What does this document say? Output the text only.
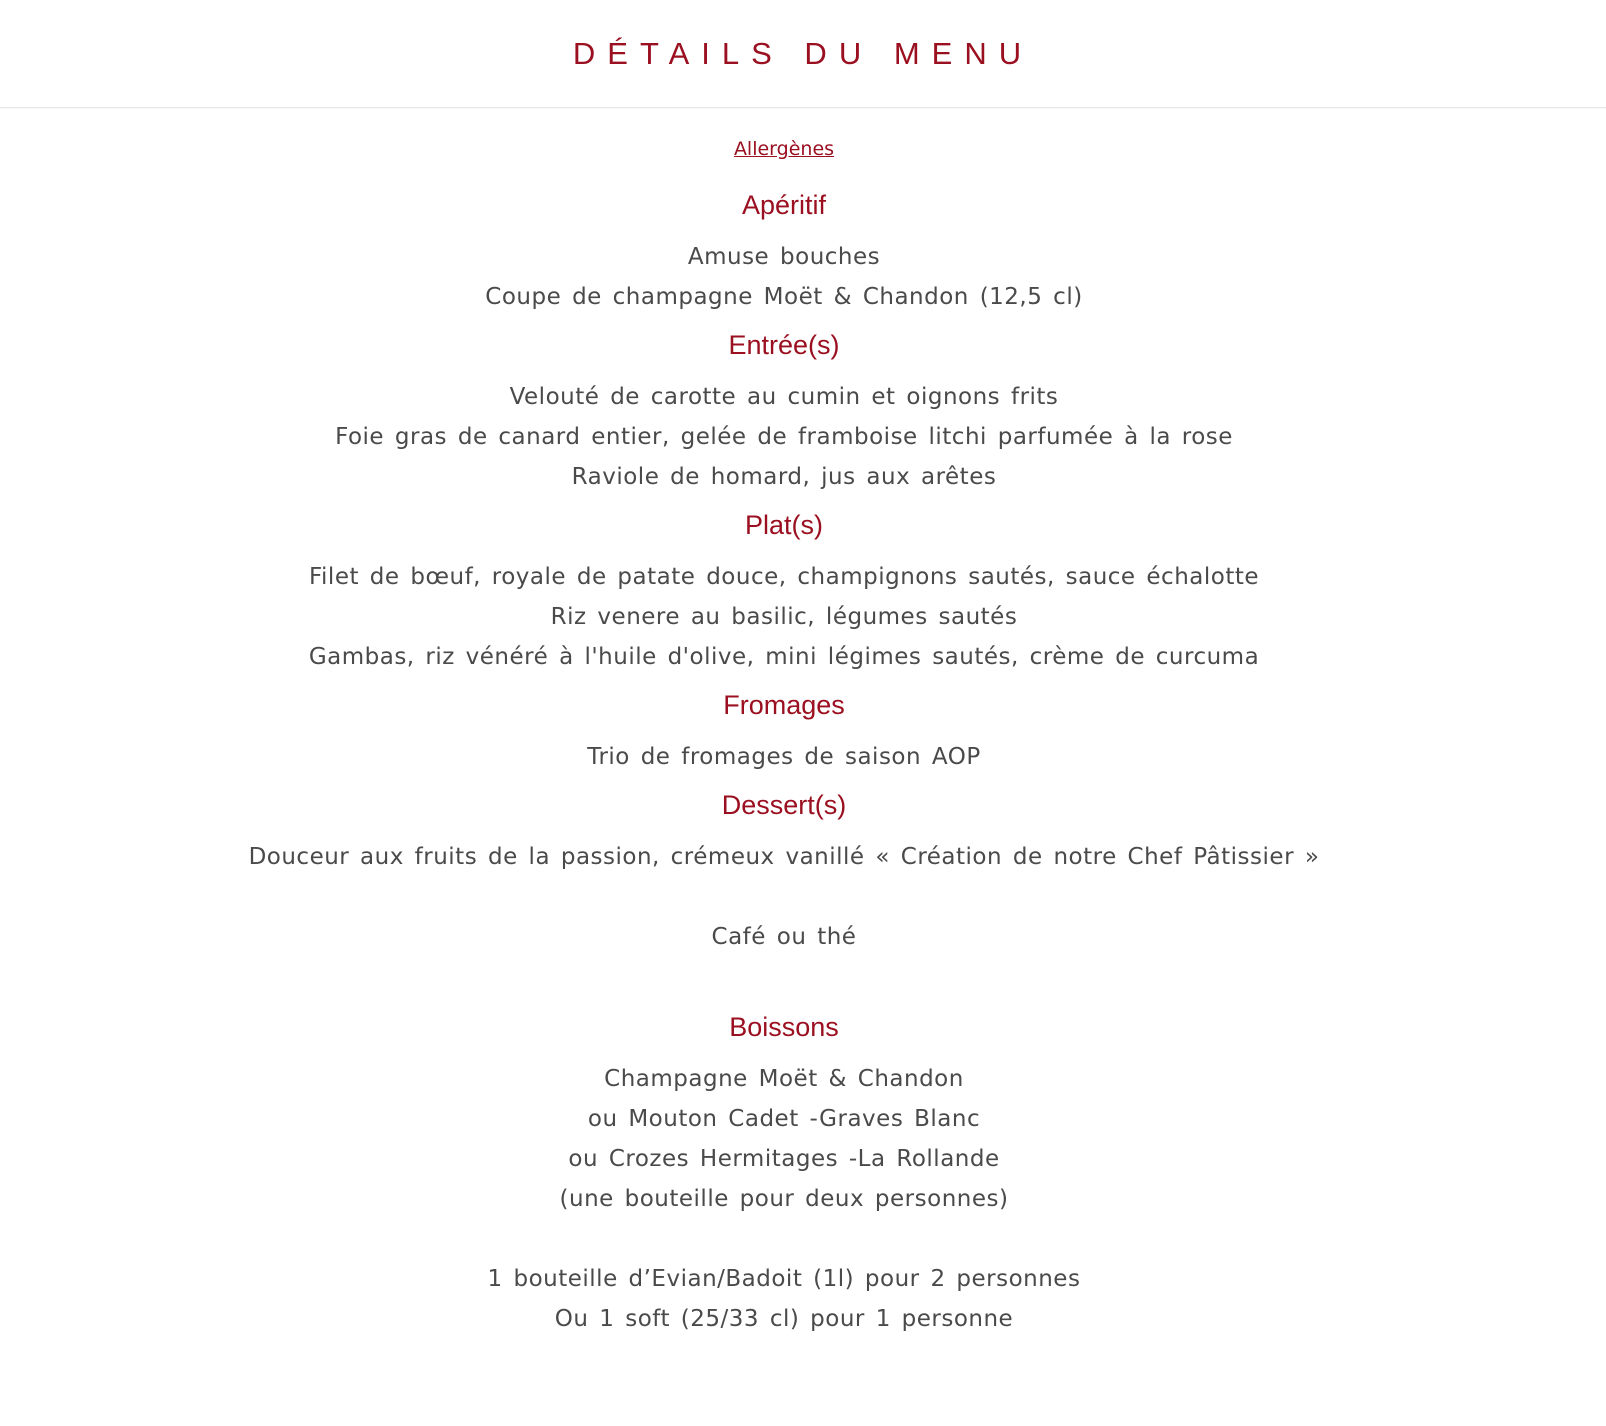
DÉTAILS DU MENU
Allergènes
Apéritif
Amuse bouches
Coupe de champagne Moët & Chandon (12,5 cl)
Entrée(s)
Velouté de carotte au cumin et oignons frits
Foie gras de canard entier, gelée de framboise litchi parfumée à la rose
Raviole de homard, jus aux arêtes
Plat(s)
Filet de bœuf, royale de patate douce, champignons sautés, sauce échalotte
Riz venere au basilic, légumes sautés
Gambas, riz vénéré à l'huile d'olive, mini légimes sautés, crème de curcuma
Fromages
Trio de fromages de saison AOP
Dessert(s)
Douceur aux fruits de la passion, crémeux vanillé « Création de notre Chef Pâtissier »
Café ou thé
Boissons
Champagne Moët & Chandon
ou Mouton Cadet -Graves Blanc
ou Crozes Hermitages -La Rollande
(une bouteille pour deux personnes)
1 bouteille d’Evian/Badoit (1l) pour 2 personnes
Ou 1 soft (25/33 cl) pour 1 personne
